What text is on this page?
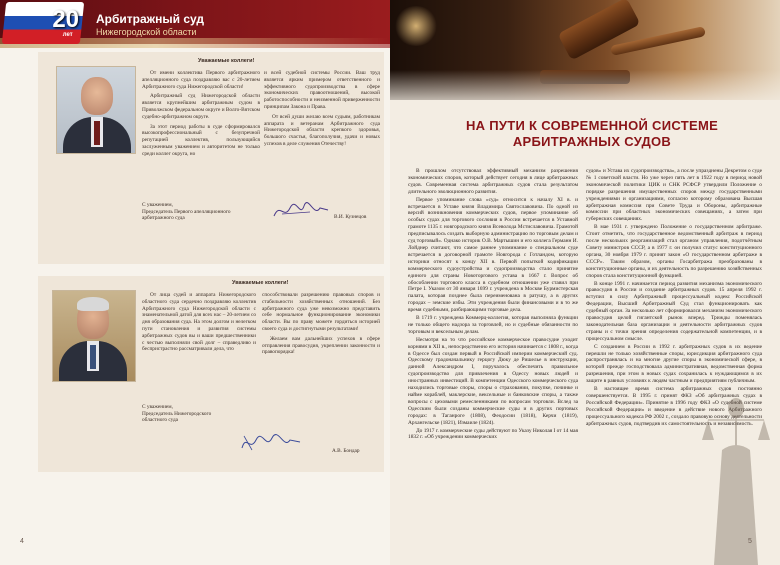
20
лет
Арбитражный суд
Нижегородской области
Уважаемые коллеги!

От имени коллектива Первого арбитражного апелляционного суда поздравляю вас с 20-летием Арбитражного суда Нижегородской области!

Арбитражный суд Нижегородской области является крупнейшим арбитражным судом в Приволжском федеральном округе и Волго-Вятском судебно-арбитражном округе.

За этот период работы в суде сформировался высокопрофессиональный с безупречной репутацией коллектив, пользующийся заслуженным уважением и авторитетом не только среди коллег округа, но

и всей судебной системы России. Ваш труд является ярким примером ответственного и эффективного судопроизводства в сфере экономических правоотношений, высокой работоспособности и неизменной приверженности принципам Закона и Права.

От всей души желаю всем судьям, работникам аппарата и ветеранам Арбитражного суда Нижегородской области крепкого здоровья, большого счастья, благополучия, удачи и новых успехов в деле служения Отечеству!

С уважением,
Председатель Первого апелляционного
арбитражного суда	В.И. Кузнецов
Уважаемые коллеги!

От лица судей и аппарата Нижегородского областного суда сердечно поздравляю коллектив Арбитражного суда Нижегородской области с знаменательной датой для всех нас – 20-летием со дня образования суда. На этом долгом и нелегком пути становления и развития системы арбитражных судов вы и ваши предшественники с честью выполняли свой долг – справедливо и беспристрастно рассматривали дела, что

способствовали разрешению правовых споров и стабильности хозяйственных отношений. Без арбитражного суда уже невозможно представить себе нормальное функционирование экономики области. Вы по праву можете гордиться историей своего суда и достигнутыми результатами!

Желаем вам дальнейших успехов в сфере отправления правосудия, укреплении законности и правопорядка!

С уважением,
Председатель Нижегородского
областного суда
А.В. Бондар
4
НА ПУТИ К СОВРЕМЕННОЙ СИСТЕМЕ АРБИТРАЖНЫХ СУДОВ

В прошлом отсутствовал эффективный механизм разрешения экономических споров, который действует сегодня в лице арбитражных судов. Современная система арбитражных судов стала результатом длительного эволюционного развития.

Первое упоминание слова «суд» относится к началу XI в. и встречается в Уставе князя Владимира Святославовича. По одной из версий возникновения коммерческих судов, первое упоминание об особых судах для торгового сословия в России встречается в Уставной грамоте 1135 г. новгородского князя Всеволода Мстиславовича. Грамотой предписывалось создать выборную администрацию по торговым делам и суд торговый». Однако историк О.В. Мартышин и его коллега Германн И. Лойднер считают, что самое раннее упоминание о специальном суде встречается в договорной грамоте Новгорода с Готландом, которую историки относят к концу XII в. Первой попыткой кодификации коммерческого судоустройства и судопроизводства стало принятие единого для страны Новоторгового устава в 1667 г. Вопрос об обособлении торгового класса в судебном отношении уже ставил при Петре I. Указом от 30 января 1699 г. учреждена в Москве Бурмистерская палата, которая позднее была переименована в ратушу, а в других городах – земские избы. Эти учреждения были финансовыми и в то же время судебными, разбирающими торговые дела.

В 1719 г. учреждена Коммерц-коллегия, которая выполняла функции не только общего надзора за торговлей, но и судебные обязанности по торговым и вексельным делам.

Несмотря на то что российское коммерческое правосудие уходит корнями в XII в., непосредственно его история начинается с 1808 г., когда в Одессе был создан первый в Российской империи коммерческий суд. Одесскому градоначальнику герцогу Дюку де Ришелье в инструкции, данной Александром I, поручалось обеспечить правильное судопроизводство для привлечения в Одессу новых людей и иностранных инвестиций. В компетенции Одесского коммерческого суда находились торговые споры, споры о страховании, покупке, починке и найме кораблей, маклерские, вексельные и банковские споры, а также вопросы с цеховыми ремесленниками по вопросам торговли. Вслед за Одесским были созданы коммерческие суды и в других портовых городах: в Таганроге (1808), Феодосии (1818), Керчи (1819), Архангельске (1821), Измаиле (1824).

До 1917 г. коммерческие суды действуют по Указу Николая I от 14 мая 1832 г. «Об учреждении коммерческих

судов» и Устава их судопроизводства», а после упразднены Декретом о суде № 1 советской власти. Но уже через пять лет в 1922 году в период новой экономической политики ЦИК и СНК РСФСР утвердили Положение о порядке разрешения имущественных споров между государственными учреждениями и организациями, согласно которому образована Высшая арбитражная комиссия при Совете Труда и Обороны, арбитражные комиссии при областных экономических совещаниях, а затем при губернских совещаниях.

В мае 1931 г. утверждено Положение о государственном арбитраже. Стоит отметить, что государственное ведомственный арбитраж в период после нескольких реорганизаций стал органом управления, подотчётным Совету министров СССР, а в 1977 г. он получил статус конституционного органа, 30 ноября 1979 г. принят закон «О государственном арбитраже в СССР». Таким образом, органы Госарбитража преобразованы в конституционные органы, и их деятельность по разрешению хозяйственных споров стала конституционной функцией.

В конце 1991 г. начинается период развития механизма экономического правосудия в России и создание арбитражных судов. 15 апреля 1992 г. вступил в силу Арбитражный процессуальный кодекс Российской Федерации, Высший Арбитражный Суд стал функционировать как судебный орган. За несколько лет сформировался механизм экономического правосудия целой гигантской рынок вперед. Трижды поменялась законодательная база организации и деятельности арбитражных судов страны и с точки зрения определения содержательной компетенции, и в процессуальном смысле.

С созданием в России в 1992 г. арбитражных судов в их ведение перешли не только хозяйственные споры, юрисдикция арбитражного суда распространялась и на многие другие споры в экономической сфере, в которой прежде господствовала административная, ведомственная форма разрешения, при этом в новых судах сохранилась к нуждающимся в их защите в равных условиях к людям частным и предприятиям публичным.

В настоящее время система арбитражных судов постоянно совершенствуется. В 1995 г. принят ФКЗ «Об арбитражных судах в Российской Федерации». Принятие в 1996 году ФКЗ «О судебной системе Российской Федерации» и введение в действие нового Арбитражного процессуального кодекса РФ 2002 г., создало правовую основу деятельности арбитражных судов, подтвердив их самостоятельность и независимость.

5
